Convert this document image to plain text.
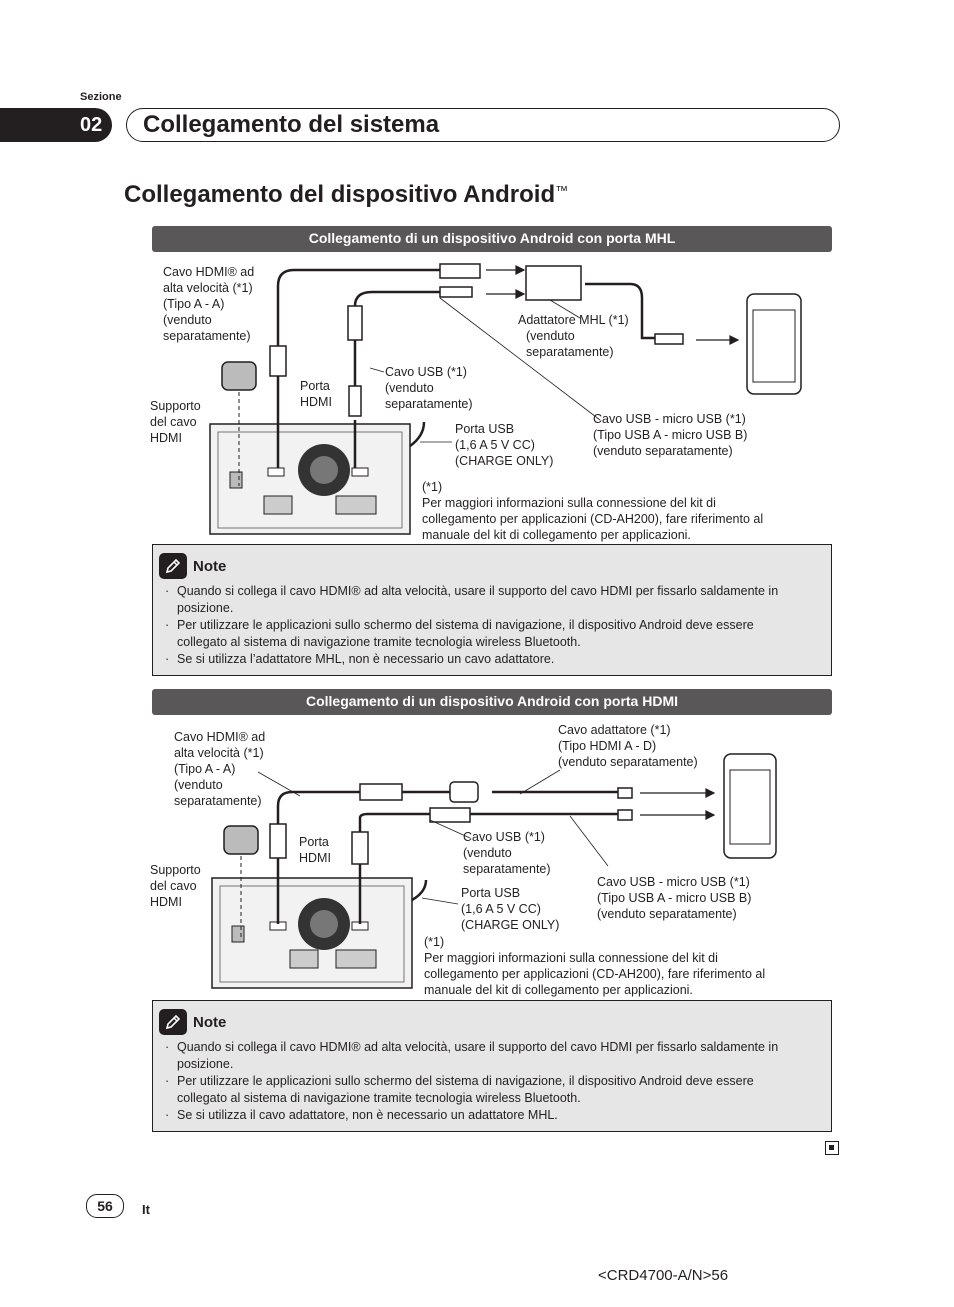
Sezione
02	Collegamento del sistema
Collegamento del dispositivo Android™
Collegamento di un dispositivo Android con porta MHL
Cavo HDMI® ad
alta velocità (*1)
(Tipo A - A)
(venduto
separatamente)
Supporto
del cavo
HDMI
Porta
HDMI
Cavo USB (*1)
(venduto
separatamente)
Adattatore MHL (*1)
(venduto
separatamente)
Cavo USB - micro USB (*1)
(Tipo USB A - micro USB B)
(venduto separatamente)
Porta USB
(1,6 A 5 V CC)
(CHARGE ONLY)
(*1)
Per maggiori informazioni sulla connessione del kit di
collegamento per applicazioni (CD-AH200), fare riferimento al
manuale del kit di collegamento per applicazioni.
Note
· Quando si collega il cavo HDMI® ad alta velocità, usare il supporto del cavo HDMI per fissarlo saldamente in posizione.
· Per utilizzare le applicazioni sullo schermo del sistema di navigazione, il dispositivo Android deve essere collegato al sistema di navigazione tramite tecnologia wireless Bluetooth.
· Se si utilizza l’adattatore MHL, non è necessario un cavo adattatore.
Collegamento di un dispositivo Android con porta HDMI
Cavo HDMI® ad
alta velocità (*1)
(Tipo A - A)
(venduto
separatamente)
Supporto
del cavo
HDMI
Porta
HDMI
Cavo adattatore (*1)
(Tipo HDMI A - D)
(venduto separatamente)
Cavo USB (*1)
(venduto
separatamente)
Cavo USB - micro USB (*1)
(Tipo USB A - micro USB B)
(venduto separatamente)
Porta USB
(1,6 A 5 V CC)
(CHARGE ONLY)
(*1)
Per maggiori informazioni sulla connessione del kit di
collegamento per applicazioni (CD-AH200), fare riferimento al
manuale del kit di collegamento per applicazioni.
Note
· Quando si collega il cavo HDMI® ad alta velocità, usare il supporto del cavo HDMI per fissarlo saldamente in posizione.
· Per utilizzare le applicazioni sullo schermo del sistema di navigazione, il dispositivo Android deve essere collegato al sistema di navigazione tramite tecnologia wireless Bluetooth.
· Se si utilizza il cavo adattatore, non è necessario un adattatore MHL.
56	It
<CRD4700-A/N>56
